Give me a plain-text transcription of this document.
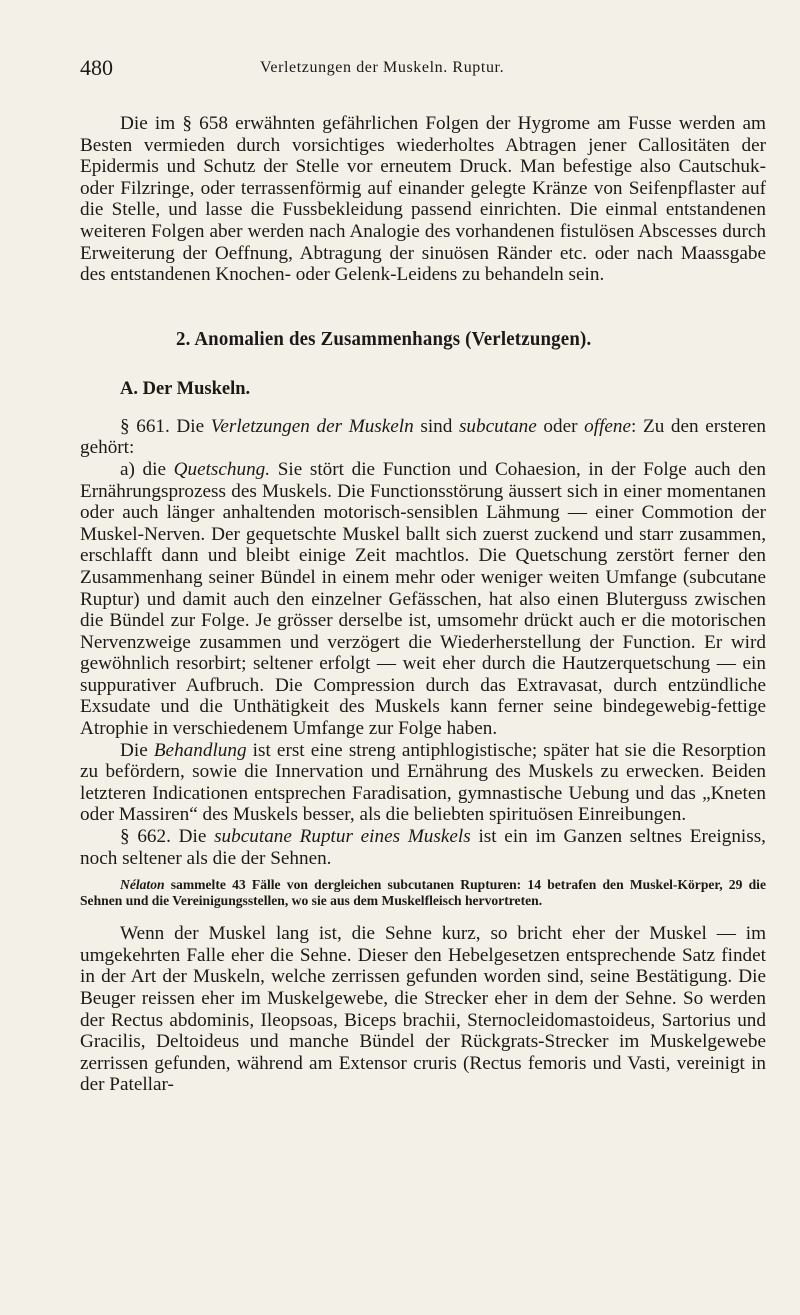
480	Verletzungen der Muskeln. Ruptur.

Die im § 658 erwähnten gefährlichen Folgen der Hygrome am Fusse werden am Besten vermieden durch vorsichtiges wiederholtes Abtragen jener Callositäten der Epidermis und Schutz der Stelle vor erneutem Druck. Man befestige also Cautschuk- oder Filzringe, oder terrassenförmig auf einander gelegte Kränze von Seifenpflaster auf die Stelle, und lasse die Fussbekleidung passend einrichten. Die einmal entstandenen weiteren Folgen aber werden nach Analogie des vorhandenen fistulösen Abscesses durch Erweiterung der Oeffnung, Abtragung der sinuösen Ränder etc. oder nach Maassgabe des entstandenen Knochen- oder Gelenk-Leidens zu behandeln sein.

2. Anomalien des Zusammenhangs (Verletzungen).
A. Der Muskeln.

§ 661. Die Verletzungen der Muskeln sind subcutane oder offene: Zu den ersteren gehört:

a) die Quetschung. Sie stört die Function und Cohaesion, in der Folge auch den Ernährungsprozess des Muskels. Die Functionsstörung äussert sich in einer momentanen oder auch länger anhaltenden motorisch-sensiblen Lähmung — einer Commotion der Muskel-Nerven. Der gequetschte Muskel ballt sich zuerst zuckend und starr zusammen, erschlafft dann und bleibt einige Zeit machtlos. Die Quetschung zerstört ferner den Zusammenhang seiner Bündel in einem mehr oder weniger weiten Umfange (subcutane Ruptur) und damit auch den einzelner Gefässchen, hat also einen Bluterguss zwischen die Bündel zur Folge. Je grösser derselbe ist, umsomehr drückt auch er die motorischen Nervenzweige zusammen und verzögert die Wiederherstellung der Function. Er wird gewöhnlich resorbirt; seltener erfolgt — weit eher durch die Hautzerquetschung — ein suppurativer Aufbruch. Die Compression durch das Extravasat, durch entzündliche Exsudate und die Unthätigkeit des Muskels kann ferner seine bindegewebig-fettige Atrophie in verschiedenem Umfange zur Folge haben.

Die Behandlung ist erst eine streng antiphlogistische; später hat sie die Resorption zu befördern, sowie die Innervation und Ernährung des Muskels zu erwecken. Beiden letzteren Indicationen entsprechen Faradisation, gymnastische Uebung und das „Kneten oder Massiren“ des Muskels besser, als die beliebten spirituösen Einreibungen.

§ 662. Die subcutane Ruptur eines Muskels ist ein im Ganzen seltnes Ereigniss, noch seltener als die der Sehnen.

Nélaton sammelte 43 Fälle von dergleichen subcutanen Rupturen: 14 betrafen den Muskel-Körper, 29 die Sehnen und die Vereinigungsstellen, wo sie aus dem Muskelfleisch hervortreten.

Wenn der Muskel lang ist, die Sehne kurz, so bricht eher der Muskel — im umgekehrten Falle eher die Sehne. Dieser den Hebelgesetzen entsprechende Satz findet in der Art der Muskeln, welche zerrissen gefunden worden sind, seine Bestätigung. Die Beuger reissen eher im Muskelgewebe, die Strecker eher in dem der Sehne. So werden der Rectus abdominis, Ileopsoas, Biceps brachii, Sternocleidomastoideus, Sartorius und Gracilis, Deltoideus und manche Bündel der Rückgrats-Strecker im Muskelgewebe zerrissen gefunden, während am Extensor cruris (Rectus femoris und Vasti, vereinigt in der Patellar-
